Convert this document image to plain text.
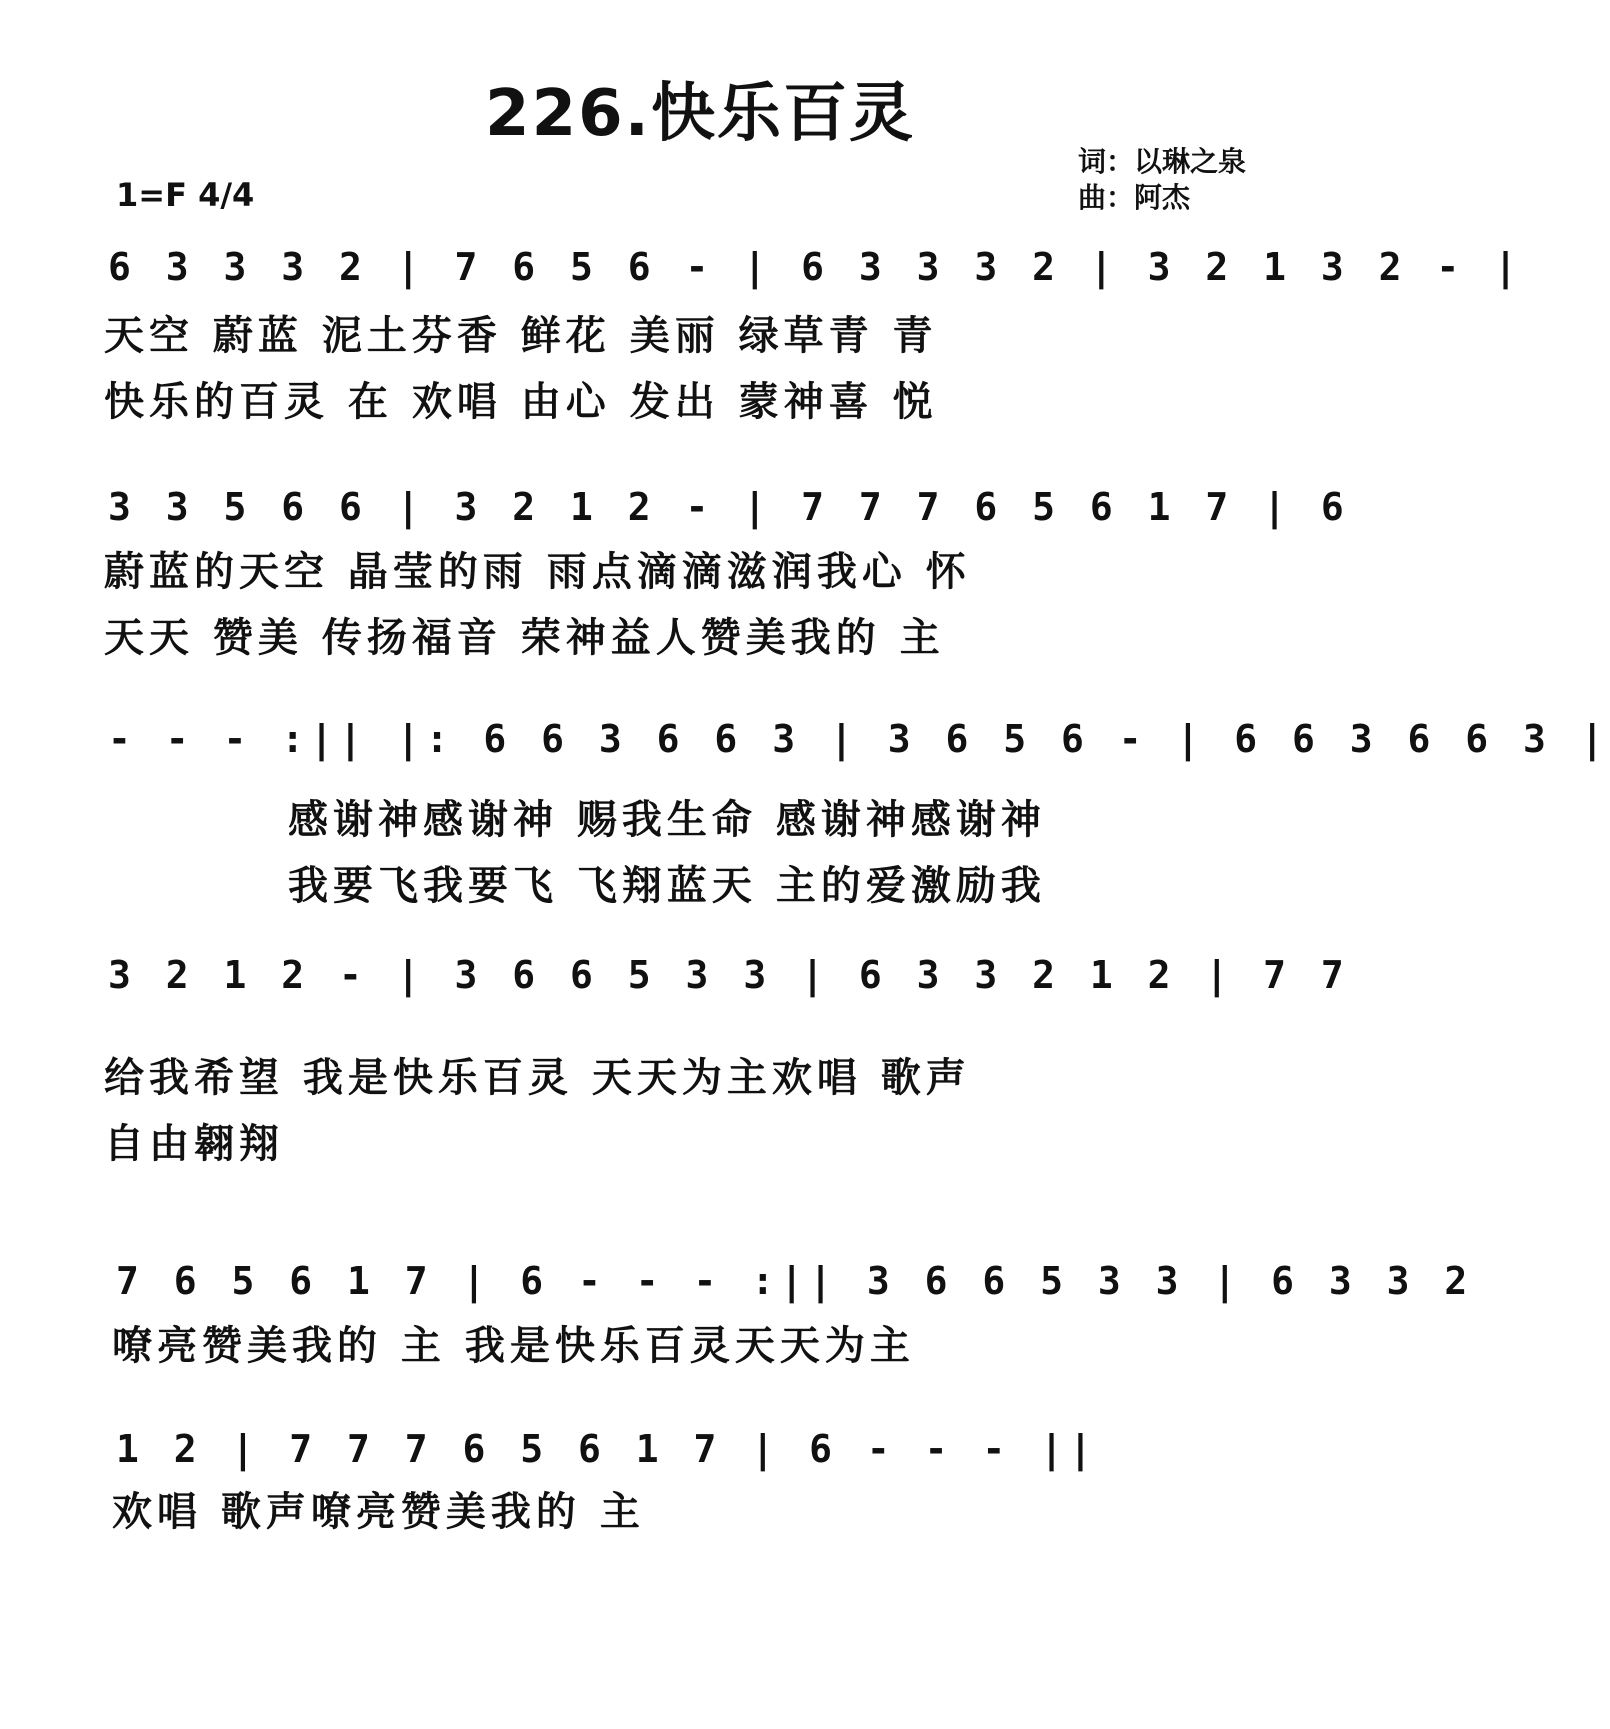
226.快乐百灵
1=F 4/4
词：以琳之泉
曲：阿杰
6 3 3 3 2 | 7 6 5 6 - | 6 3 3 3 2 | 3 2 1 3 2 - |
天空 蔚蓝 泥土芬香 鲜花 美丽 绿草青 青
快乐的百灵 在 欢唱 由心 发出 蒙神喜 悦
3 3 5 6 6 | 3 2 1 2 - | 7 7 7 6 5 6 1 7 | 6
蔚蓝的天空 晶莹的雨 雨点滴滴滋润我心 怀
天天 赞美 传扬福音 荣神益人赞美我的 主
- - - :|| |: 6 6 3 6 6 3 | 3 6 5 6 - | 6 6 3 6 6 3 |
感谢神感谢神 赐我生命 感谢神感谢神
我要飞我要飞 飞翔蓝天 主的爱激励我
3 2 1 2 - | 3 6 6 5 3 3 | 6 3 3 2 1 2 | 7 7
给我希望 我是快乐百灵 天天为主欢唱 歌声
自由翱翔
7 6 5 6 1 7 | 6 - - - :|| 3 6 6 5 3 3 | 6 3 3 2
嘹亮赞美我的 主 我是快乐百灵天天为主
1 2 | 7 7 7 6 5 6 1 7 | 6 - - - ||
欢唱 歌声嘹亮赞美我的 主
